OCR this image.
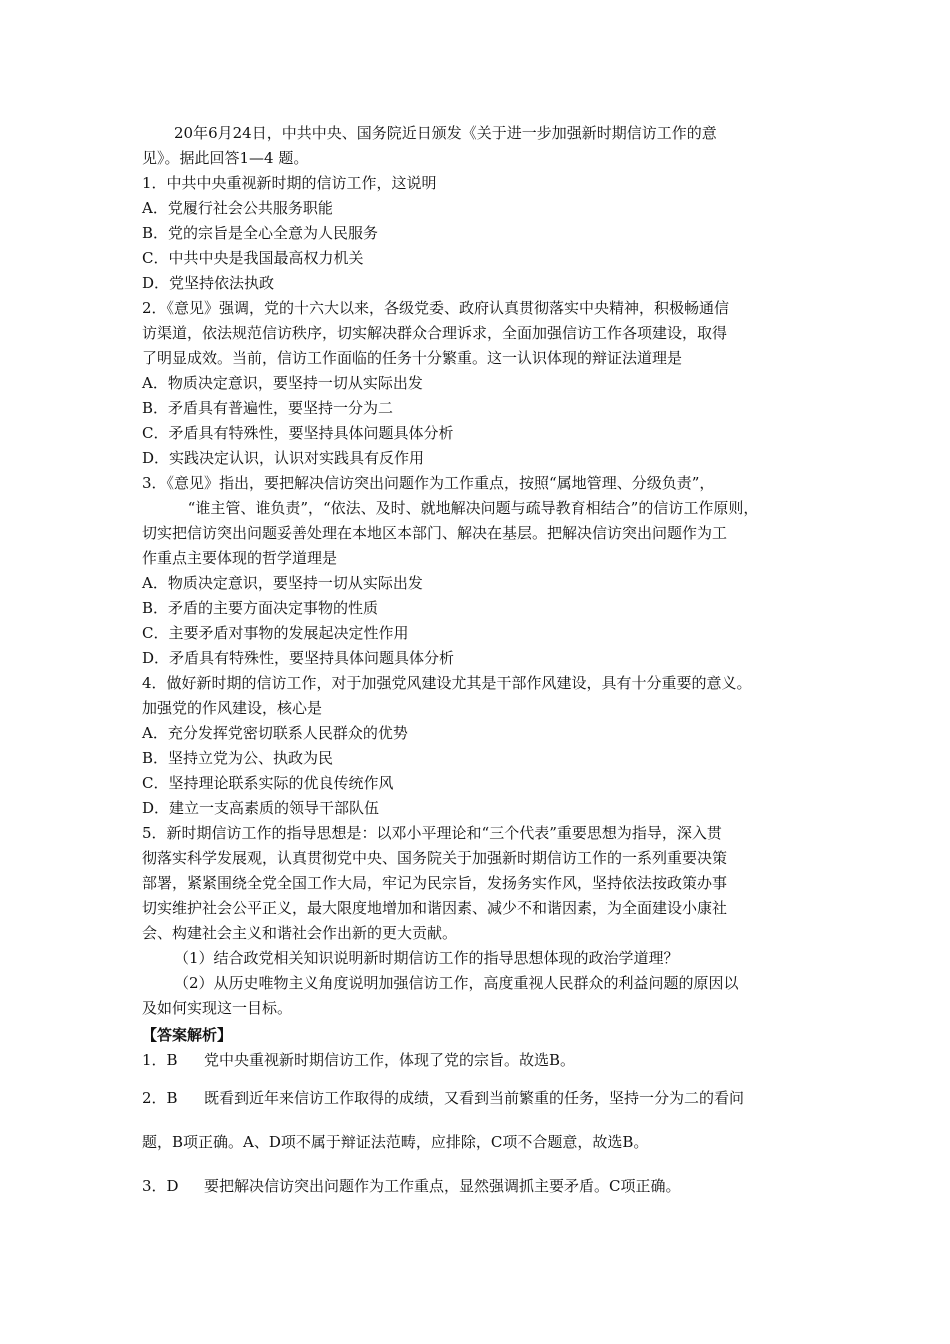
20年6月24日，中共中央、国务院近日颁发《关于进一步加强新时期信访工作的意

见》。据此回答1—4 题。

1．中共中央重视新时期的信访工作，这说明

A．党履行社会公共服务职能

B．党的宗旨是全心全意为人民服务

C．中共中央是我国最高权力机关

D．党坚持依法执政

2．《意见》强调，党的十六大以来，各级党委、政府认真贯彻落实中央精神，积极畅通信

访渠道，依法规范信访秩序，切实解决群众合理诉求，全面加强信访工作各项建设，取得

了明显成效。当前，信访工作面临的任务十分繁重。这一认识体现的辩证法道理是

A．物质决定意识，要坚持一切从实际出发

B．矛盾具有普遍性，要坚持一分为二

C．矛盾具有特殊性，要坚持具体问题具体分析

D．实践决定认识，认识对实践具有反作用

3．《意见》指出，要把解决信访突出问题作为工作重点，按照“属地管理、分级负责”，

“谁主管、谁负责”，“依法、及时、就地解决问题与疏导教育相结合”的信访工作原则，

切实把信访突出问题妥善处理在本地区本部门、解决在基层。把解决信访突出问题作为工

作重点主要体现的哲学道理是

A．物质决定意识，要坚持一切从实际出发

B．矛盾的主要方面决定事物的性质

C．主要矛盾对事物的发展起决定性作用

D．矛盾具有特殊性，要坚持具体问题具体分析

4．做好新时期的信访工作，对于加强党风建设尤其是干部作风建设，具有十分重要的意义。

加强党的作风建设，核心是

A．充分发挥党密切联系人民群众的优势

B．坚持立党为公、执政为民

C．坚持理论联系实际的优良传统作风

D．建立一支高素质的领导干部队伍

5．新时期信访工作的指导思想是：以邓小平理论和“三个代表”重要思想为指导，深入贯

彻落实科学发展观，认真贯彻党中央、国务院关于加强新时期信访工作的一系列重要决策

部署，紧紧围绕全党全国工作大局，牢记为民宗旨，发扬务实作风，坚持依法按政策办事

切实维护社会公平正义，最大限度地增加和谐因素、减少不和谐因素，为全面建设小康社

会、构建社会主义和谐社会作出新的更大贡献。

（1）结合政党相关知识说明新时期信访工作的指导思想体现的政治学道理？

（2）从历史唯物主义角度说明加强信访工作，高度重视人民群众的利益问题的原因以

及如何实现这一目标。

【答案解析】

1．B 党中央重视新时期信访工作，体现了党的宗旨。故选B。

2．B 既看到近年来信访工作取得的成绩，又看到当前繁重的任务，坚持一分为二的看问

题，B项正确。A、D项不属于辩证法范畴，应排除，C项不合题意，故选B。

3．D 要把解决信访突出问题作为工作重点，显然强调抓主要矛盾。C项正确。
